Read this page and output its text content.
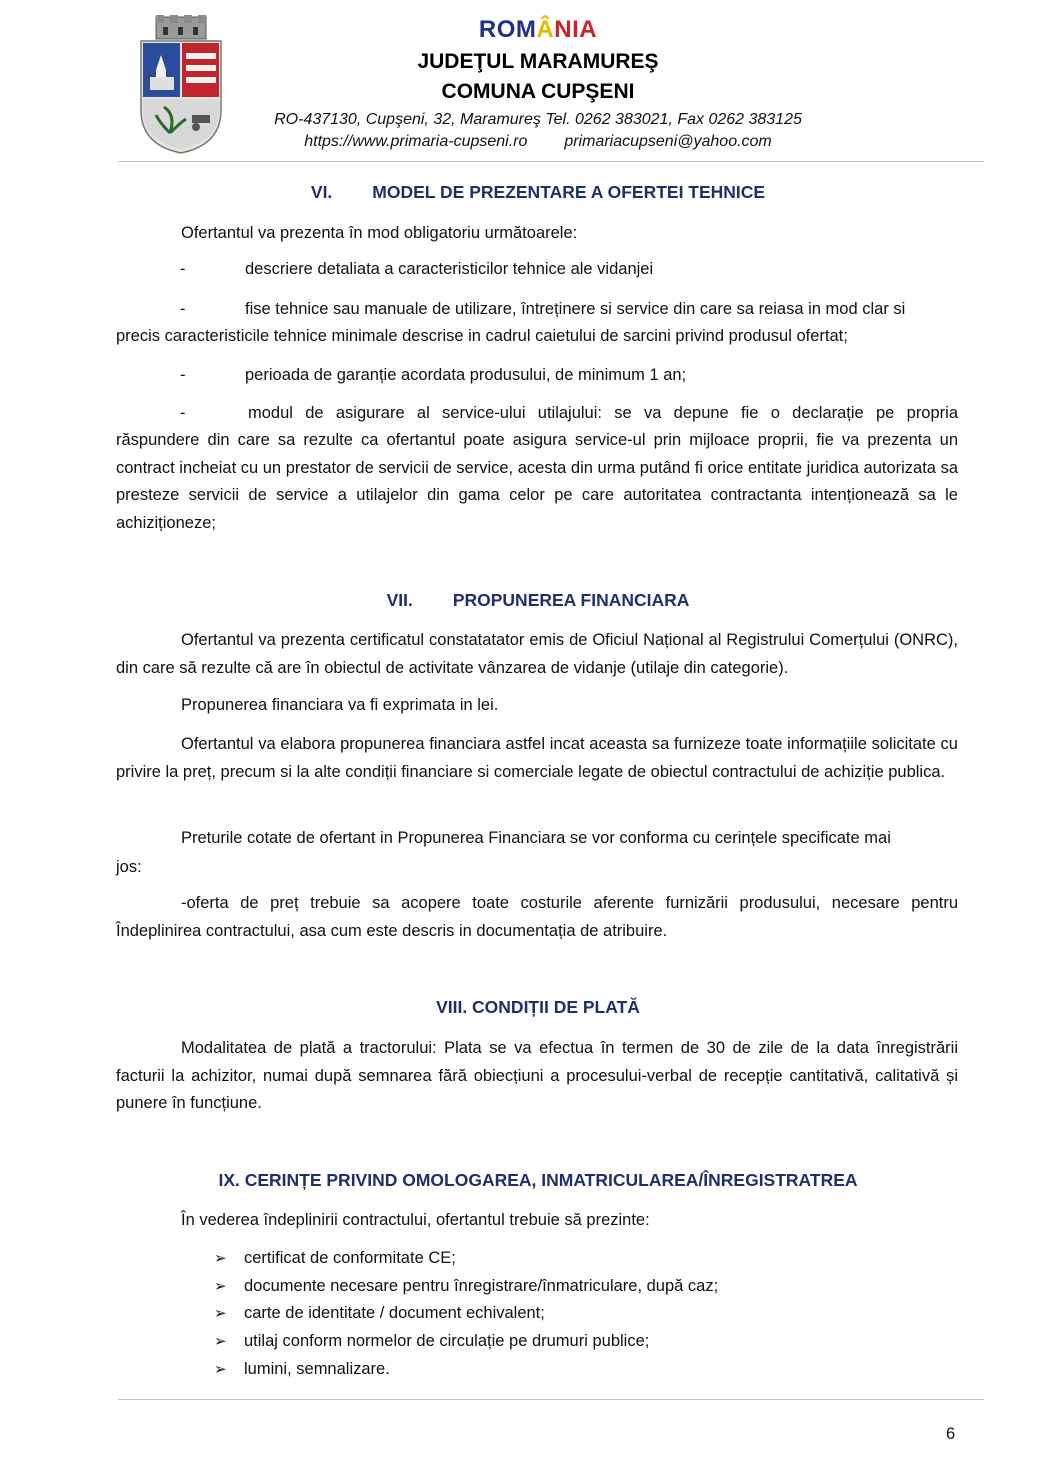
ROMÂNIA
JUDEŢUL MARAMUREŞ
COMUNA CUPŞENI
RO-437130, Cupşeni, 32, Maramureş Tel. 0262 383021, Fax 0262 383125
https://www.primaria-cupseni.ro primariacupseni@yahoo.com
VI. MODEL DE PREZENTARE A OFERTEI TEHNICE
Ofertantul va prezenta în mod obligatoriu următoarele:
-	descriere detaliata a caracteristicilor tehnice ale vidanjei
-	fise tehnice sau manuale de utilizare, întreținere si service din care sa reiasa in mod clar si
precis caracteristicile tehnice minimale descrise in cadrul caietului de sarcini privind produsul ofertat;
-	perioada de garanție acordata produsului, de minimum 1 an;
-	modul de asigurare al service-ului utilajului: se va depune fie o declarație pe propria
răspundere din care sa rezulte ca ofertantul poate asigura service-ul prin mijloace proprii, fie va prezenta un contract incheiat cu un prestator de servicii de service, acesta din urma putând fi orice entitate juridica autorizata sa presteze servicii de service a utilajelor din gama celor pe care autoritatea contractanta intenționează sa le achiziționeze;
VII. PROPUNEREA FINANCIARA
Ofertantul va prezenta certificatul constatatator emis de Oficiul Național al Registrului Comerțului (ONRC), din care să rezulte că are în obiectul de activitate vânzarea de vidanje (utilaje din categorie).
Propunerea financiara va fi exprimata in lei.
Ofertantul va elabora propunerea financiara astfel incat aceasta sa furnizeze toate informațiile solicitate cu privire la preț, precum si la alte condiții financiare si comerciale legate de obiectul contractului de achiziție publica.
Preturile cotate de ofertant in Propunerea Financiara se vor conforma cu cerințele specificate mai
jos:
-oferta de preț trebuie sa acopere toate costurile aferente furnizării produsului, necesare pentru Îndeplinirea contractului, asa cum este descris in documentația de atribuire.
VIII. CONDIȚII DE PLATĂ
Modalitatea de plată a tractorului: Plata se va efectua în termen de 30 de zile de la data înregistrării facturii la achizitor, numai după semnarea fără obiecțiuni a procesului-verbal de recepție cantitativă, calitativă și punere în funcțiune.
IX. CERINȚE PRIVIND OMOLOGAREA, INMATRICULAREA/ÎNREGISTRATREA
În vederea îndeplinirii contractului, ofertantul trebuie să prezinte:
➢ certificat de conformitate CE;
➢ documente necesare pentru înregistrare/înmatriculare, după caz;
➢ carte de identitate / document echivalent;
➢ utilaj conform normelor de circulație pe drumuri publice;
➢ lumini, semnalizare.
6
